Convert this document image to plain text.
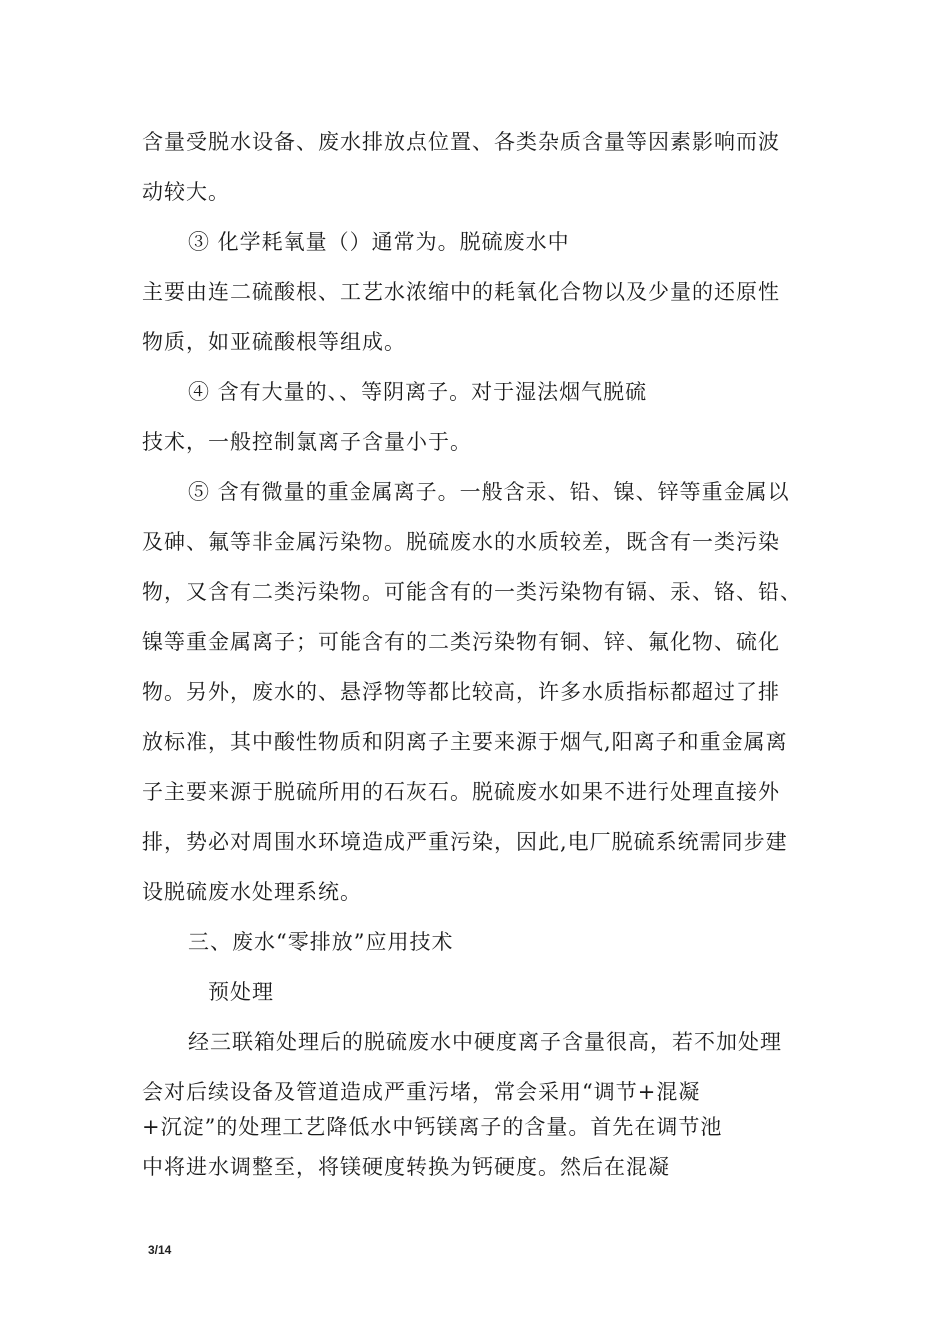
含量受脱水设备、废水排放点位置、各类杂质含量等因素影响而波
动较大。
③ 化学耗氧量（）通常为。脱硫废水中
主要由连二硫酸根、工艺水浓缩中的耗氧化合物以及少量的还原性
物质，如亚硫酸根等组成。
④ 含有大量的、、等阴离子。对于湿法烟气脱硫
技术，一般控制氯离子含量小于。
⑤ 含有微量的重金属离子。一般含汞、铅、镍、锌等重金属以
及砷、氟等非金属污染物。脱硫废水的水质较差，既含有一类污染
物，又含有二类污染物。可能含有的一类污染物有镉、汞、铬、铅、
镍等重金属离子；可能含有的二类污染物有铜、锌、氟化物、硫化
物。另外，废水的、悬浮物等都比较高，许多水质指标都超过了排
放标准，其中酸性物质和阴离子主要来源于烟气,阳离子和重金属离
子主要来源于脱硫所用的石灰石。脱硫废水如果不进行处理直接外
排，势必对周围水环境造成严重污染，因此,电厂脱硫系统需同步建
设脱硫废水处理系统。
三、废水“零排放”应用技术
预处理
经三联箱处理后的脱硫废水中硬度离子含量很高，若不加处理
会对后续设备及管道造成严重污堵，常会采用“调节+混凝
+沉淀”的处理工艺降低水中钙镁离子的含量。首先在调节池
中将进水调整至，将镁硬度转换为钙硬度。然后在混凝
3/14
